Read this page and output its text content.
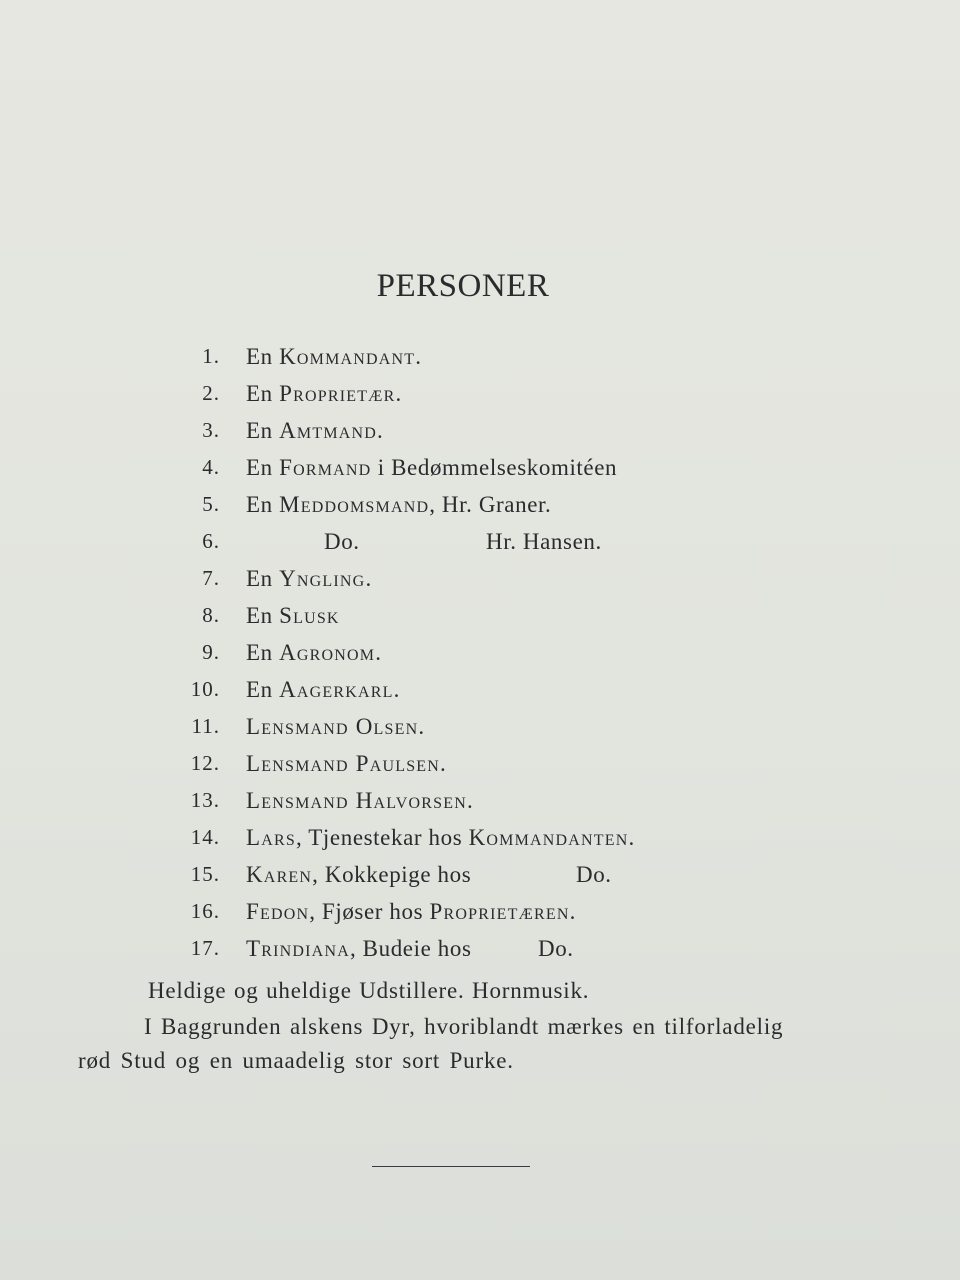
PERSONER
1. En Kommandant.
2. En Proprietær.
3. En Amtmand.
4. En Formand i Bedømmelseskomitéen
5. En Meddomsmand, Hr. Graner.
6.	Do.	Hr. Hansen.
7. En Yngling.
8. En Slusk
9. En Agronom.
10. En Aagerkarl.
11. Lensmand Olsen.
12. Lensmand Paulsen.
13. Lensmand Halvorsen.
14. Lars, Tjenestekar hos Kommandanten.
15. Karen, Kokkepige hos	Do.
16. Fedon, Fjøser hos Proprietæren.
17. Trindiana, Budeie hos	Do.
Heldige og uheldige Udstillere. Hornmusik.
I Baggrunden alskens Dyr, hvoriblandt mærkes en tilforladelig
rød Stud og en umaadelig stor sort Purke.
